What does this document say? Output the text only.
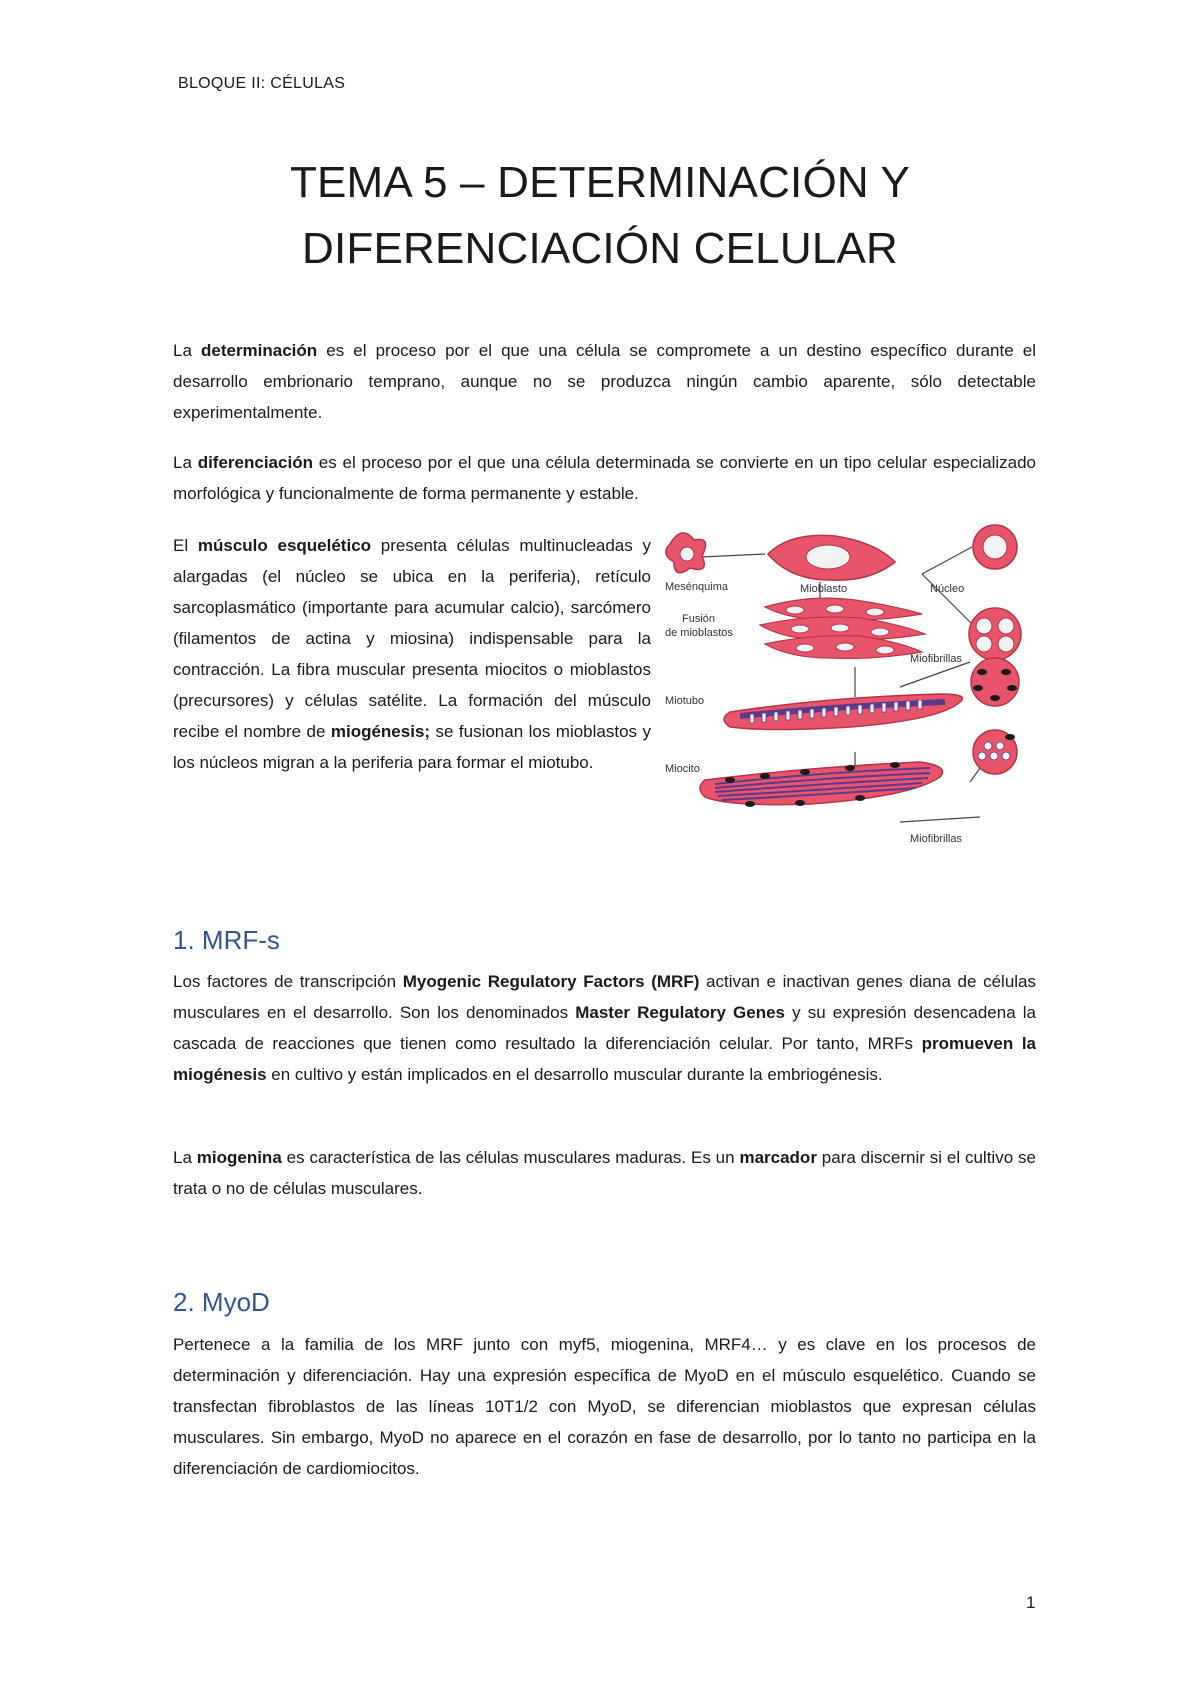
BLOQUE II: CÉLULAS
TEMA 5 – DETERMINACIÓN Y
DIFERENCIACIÓN CELULAR

La determinación es el proceso por el que una célula se compromete a un destino específico durante el desarrollo embrionario temprano, aunque no se produzca ningún cambio aparente, sólo detectable experimentalmente.

La diferenciación es el proceso por el que una célula determinada se convierte en un tipo celular especializado morfológica y funcionalmente de forma permanente y estable.

El músculo esquelético presenta células multinucleadas y alargadas (el núcleo se ubica en la periferia), retículo sarcoplasmático (importante para acumular calcio), sarcómero (filamentos de actina y miosina) indispensable para la contracción. La fibra muscular presenta miocitos o mioblastos (precursores) y células satélite. La formación del músculo recibe el nombre de miogénesis; se fusionan los mioblastos y los núcleos migran a la periferia para formar el miotubo.

Mesénquima	Mioblasto	Núcleo
Fusión
de mioblastos
Miofibrillas
Miotubo
Miocito
Miofibrillas
1. MRF-s

Los factores de transcripción Myogenic Regulatory Factors (MRF) activan e inactivan genes diana de células musculares en el desarrollo. Son los denominados Master Regulatory Genes y su expresión desencadena la cascada de reacciones que tienen como resultado la diferenciación celular. Por tanto, MRFs promueven la miogénesis en cultivo y están implicados en el desarrollo muscular durante la embriogénesis.

La miogenina es característica de las células musculares maduras. Es un marcador para discernir si el cultivo se trata o no de células musculares.

2. MyoD

Pertenece a la familia de los MRF junto con myf5, miogenina, MRF4… y es clave en los procesos de determinación y diferenciación. Hay una expresión específica de MyoD en el músculo esquelético. Cuando se transfectan fibroblastos de las líneas 10T1/2 con MyoD, se diferencian mioblastos que expresan células musculares. Sin embargo, MyoD no aparece en el corazón en fase de desarrollo, por lo tanto no participa en la diferenciación de cardiomiocitos.

1
